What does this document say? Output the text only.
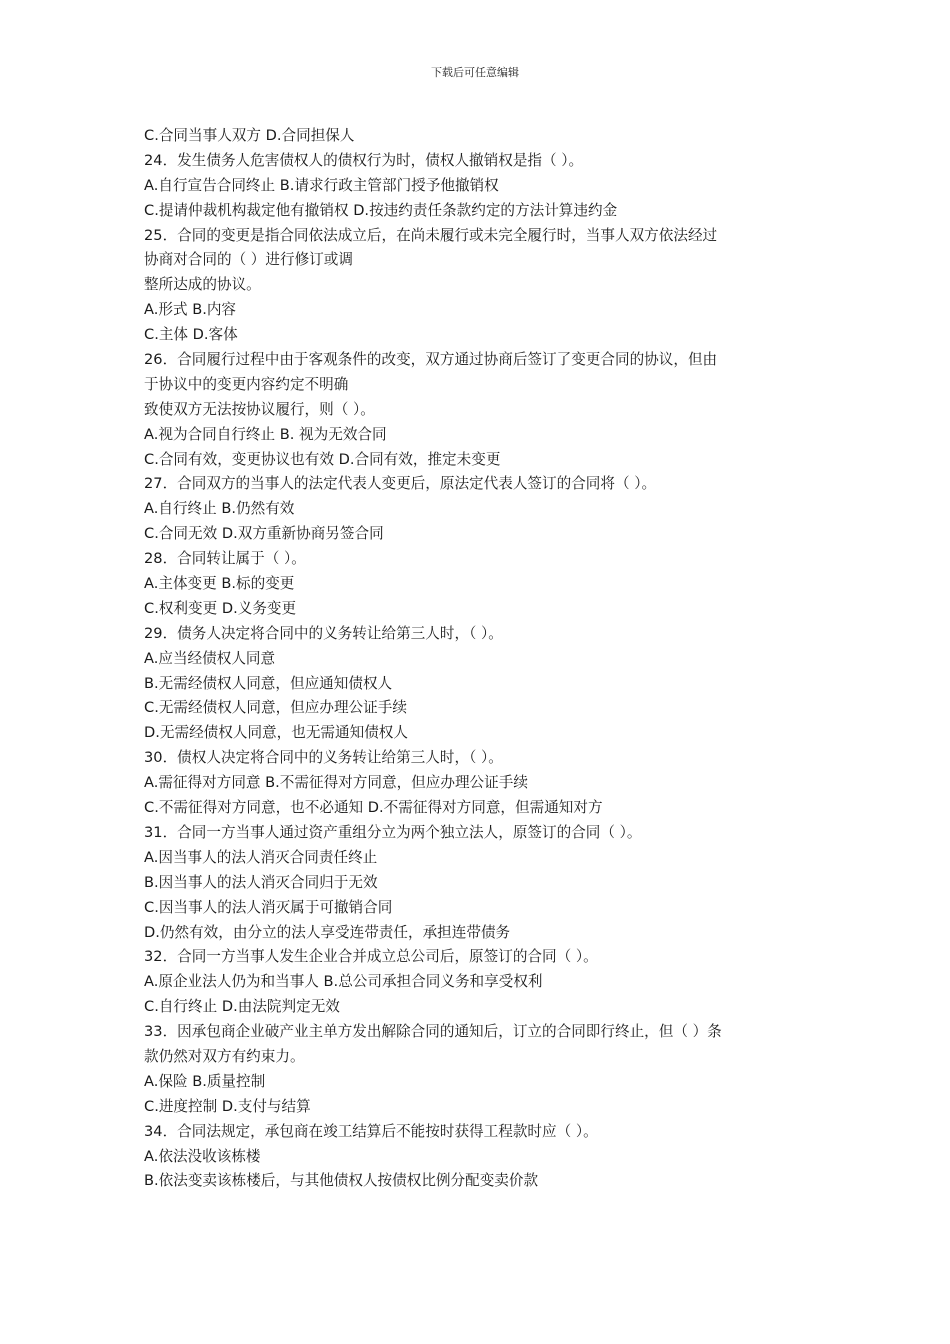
下载后可任意编辑
C.合同当事人双方 D.合同担保人
24．发生债务人危害债权人的债权行为时，债权人撤销权是指（ ）。
A.自行宣告合同终止 B.请求行政主管部门授予他撤销权
C.提请仲裁机构裁定他有撤销权 D.按违约责任条款约定的方法计算违约金
25．合同的变更是指合同依法成立后，在尚未履行或未完全履行时，当事人双方依法经过
协商对合同的（ ）进行修订或调
整所达成的协议。
A.形式 B.内容
C.主体 D.客体
26．合同履行过程中由于客观条件的改变，双方通过协商后签订了变更合同的协议，但由
于协议中的变更内容约定不明确
致使双方无法按协议履行，则（ ）。
A.视为合同自行终止 B. 视为无效合同
C.合同有效，变更协议也有效 D.合同有效，推定未变更
27．合同双方的当事人的法定代表人变更后，原法定代表人签订的合同将（ ）。
A.自行终止 B.仍然有效
C.合同无效 D.双方重新协商另签合同
28．合同转让属于（ ）。
A.主体变更 B.标的变更
C.权利变更 D.义务变更
29．债务人决定将合同中的义务转让给第三人时，（ ）。
A.应当经债权人同意
B.无需经债权人同意，但应通知债权人
C.无需经债权人同意，但应办理公证手续
D.无需经债权人同意，也无需通知债权人
30．债权人决定将合同中的义务转让给第三人时，（ ）。
A.需征得对方同意 B.不需征得对方同意，但应办理公证手续
C.不需征得对方同意，也不必通知 D.不需征得对方同意，但需通知对方
31．合同一方当事人通过资产重组分立为两个独立法人，原签订的合同（ ）。
A.因当事人的法人消灭合同责任终止
B.因当事人的法人消灭合同归于无效
C.因当事人的法人消灭属于可撤销合同
D.仍然有效，由分立的法人享受连带责任，承担连带债务
32．合同一方当事人发生企业合并成立总公司后，原签订的合同（ ）。
A.原企业法人仍为和当事人 B.总公司承担合同义务和享受权利
C.自行终止 D.由法院判定无效
33．因承包商企业破产业主单方发出解除合同的通知后，订立的合同即行终止，但（ ）条
款仍然对双方有约束力。
A.保险 B.质量控制
C.进度控制 D.支付与结算
34．合同法规定，承包商在竣工结算后不能按时获得工程款时应（ ）。
A.依法没收该栋楼
B.依法变卖该栋楼后，与其他债权人按债权比例分配变卖价款
